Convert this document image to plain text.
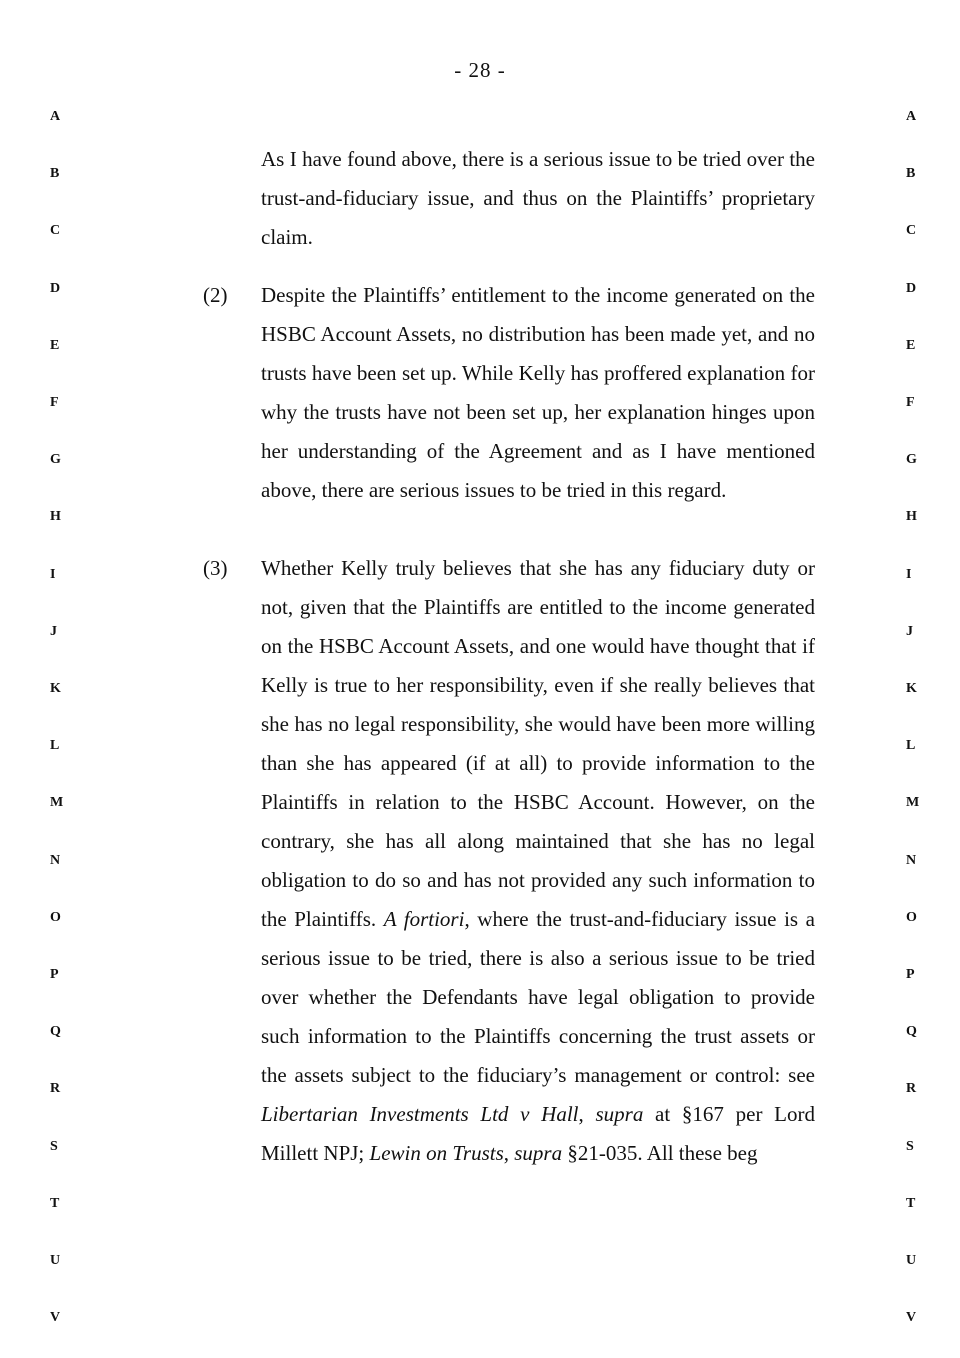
- 28 -
A
B
C
D
E
F
G
H
I
J
K
L
M
N
O
P
Q
R
S
T
U
V
A
B
C
D
E
F
G
H
I
J
K
L
M
N
O
P
Q
R
S
T
U
V

As I have found above, there is a serious issue to be tried over the trust-and-fiduciary issue, and thus on the Plaintiffs’ proprietary claim.

(2) Despite the Plaintiffs’ entitlement to the income generated on the HSBC Account Assets, no distribution has been made yet, and no trusts have been set up. While Kelly has proffered explanation for why the trusts have not been set up, her explanation hinges upon her understanding of the Agreement and as I have mentioned above, there are serious issues to be tried in this regard.

(3) Whether Kelly truly believes that she has any fiduciary duty or not, given that the Plaintiffs are entitled to the income generated on the HSBC Account Assets, and one would have thought that if Kelly is true to her responsibility, even if she really believes that she has no legal responsibility, she would have been more willing than she has appeared (if at all) to provide information to the Plaintiffs in relation to the HSBC Account. However, on the contrary, she has all along maintained that she has no legal obligation to do so and has not provided any such information to the Plaintiffs. A fortiori, where the trust-and-fiduciary issue is a serious issue to be tried, there is also a serious issue to be tried over whether the Defendants have legal obligation to provide such information to the Plaintiffs concerning the trust assets or the assets subject to the fiduciary’s management or control: see Libertarian Investments Ltd v Hall, supra at §167 per Lord Millett NPJ; Lewin on Trusts, supra §21-035. All these beg
